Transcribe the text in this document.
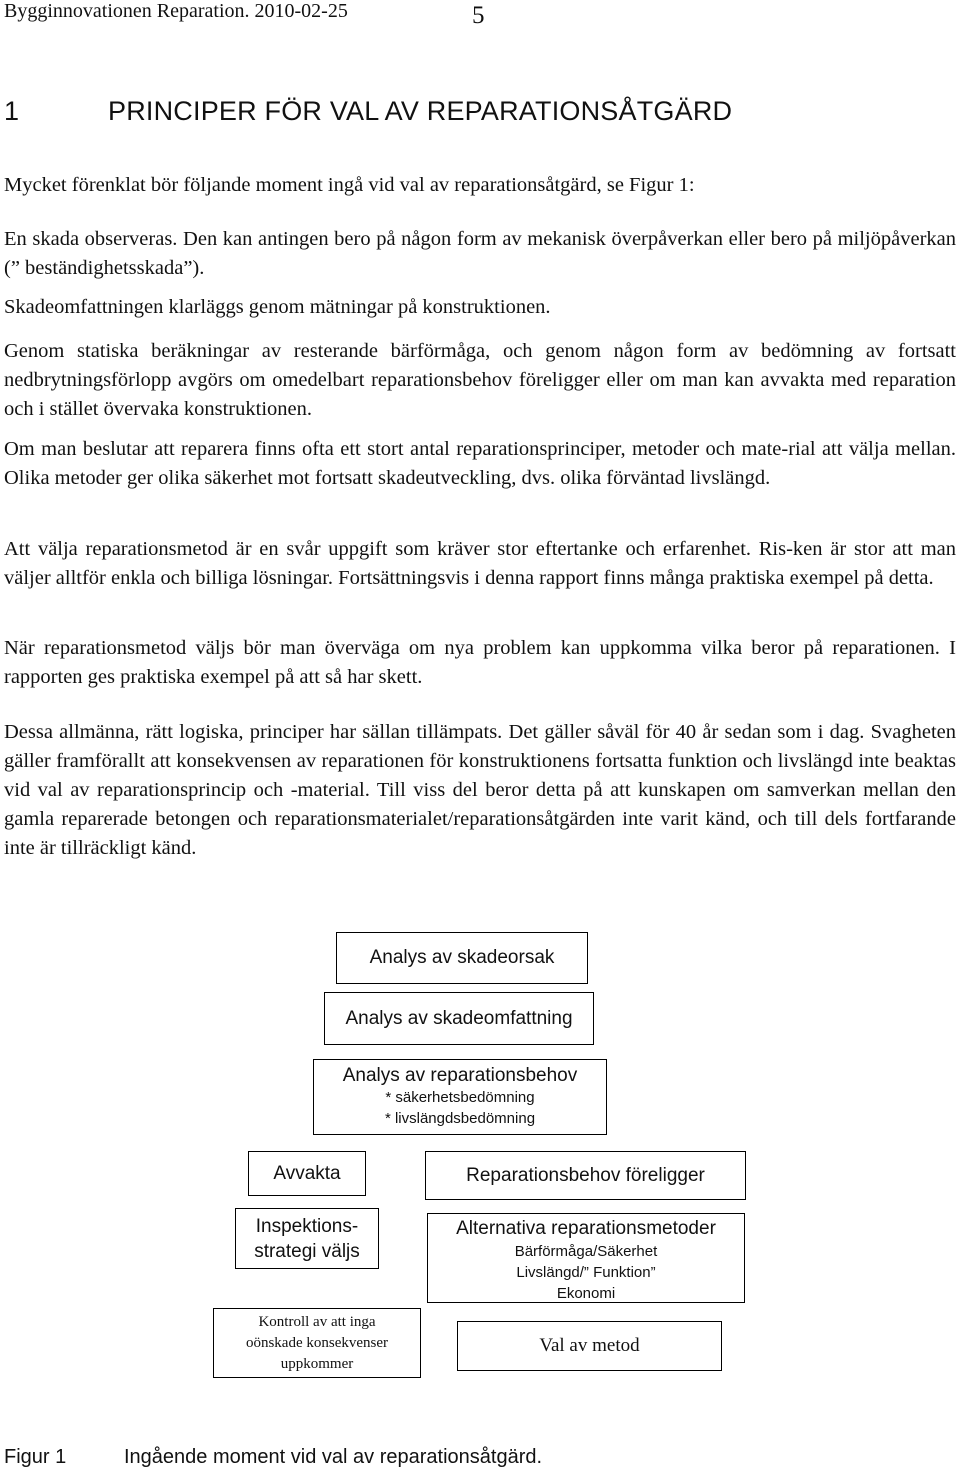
Bygginnovationen Reparation. 2010-02-25	5
1	PRINCIPER FÖR VAL AV REPARATIONSÅTGÄRD

Mycket förenklat bör följande moment ingå vid val av reparationsåtgärd, se Figur 1:

En skada observeras. Den kan antingen bero på någon form av mekanisk överpåverkan eller bero på miljöpåverkan (” beständighetsskada”).

Skadeomfattningen klarläggs genom mätningar på konstruktionen.

Genom statiska beräkningar av resterande bärförmåga, och genom någon form av bedömning av fortsatt nedbrytningsförlopp avgörs om omedelbart reparationsbehov föreligger eller om man kan avvakta med reparation och i stället övervaka konstruktionen.

Om man beslutar att reparera finns ofta ett stort antal reparationsprinciper, metoder och mate-rial att välja mellan. Olika metoder ger olika säkerhet mot fortsatt skadeutveckling, dvs. olika förväntad livslängd.

Att välja reparationsmetod är en svår uppgift som kräver stor eftertanke och erfarenhet. Ris-ken är stor att man väljer alltför enkla och billiga lösningar. Fortsättningsvis i denna rapport finns många praktiska exempel på detta.

När reparationsmetod väljs bör man överväga om nya problem kan uppkomma vilka beror på reparationen. I rapporten ges praktiska exempel på att så har skett.

Dessa allmänna, rätt logiska, principer har sällan tillämpats. Det gäller såväl för 40 år sedan som i dag. Svagheten gäller framförallt att konsekvensen av reparationen för konstruktionens fortsatta funktion och livslängd inte beaktas vid val av reparationsprincip och -material. Till viss del beror detta på att kunskapen om samverkan mellan den gamla reparerade betongen och reparationsmaterialet/reparationsåtgärden inte varit känd, och till dels fortfarande inte är tillräckligt känd.

Analys av skadeorsak
Analys av skadeomfattning
Analys av reparationsbehov
* säkerhetsbedömning
* livslängdsbedömning
Avvakta
Inspektions-
strategi väljs
Kontroll av att inga
oönskade konsekvenser
uppkommer
Reparationsbehov föreligger
Alternativa reparationsmetoder
Bärförmåga/Säkerhet
Livslängd/” Funktion”
Ekonomi
Val av metod
Figur 1	Ingående moment vid val av reparationsåtgärd.
